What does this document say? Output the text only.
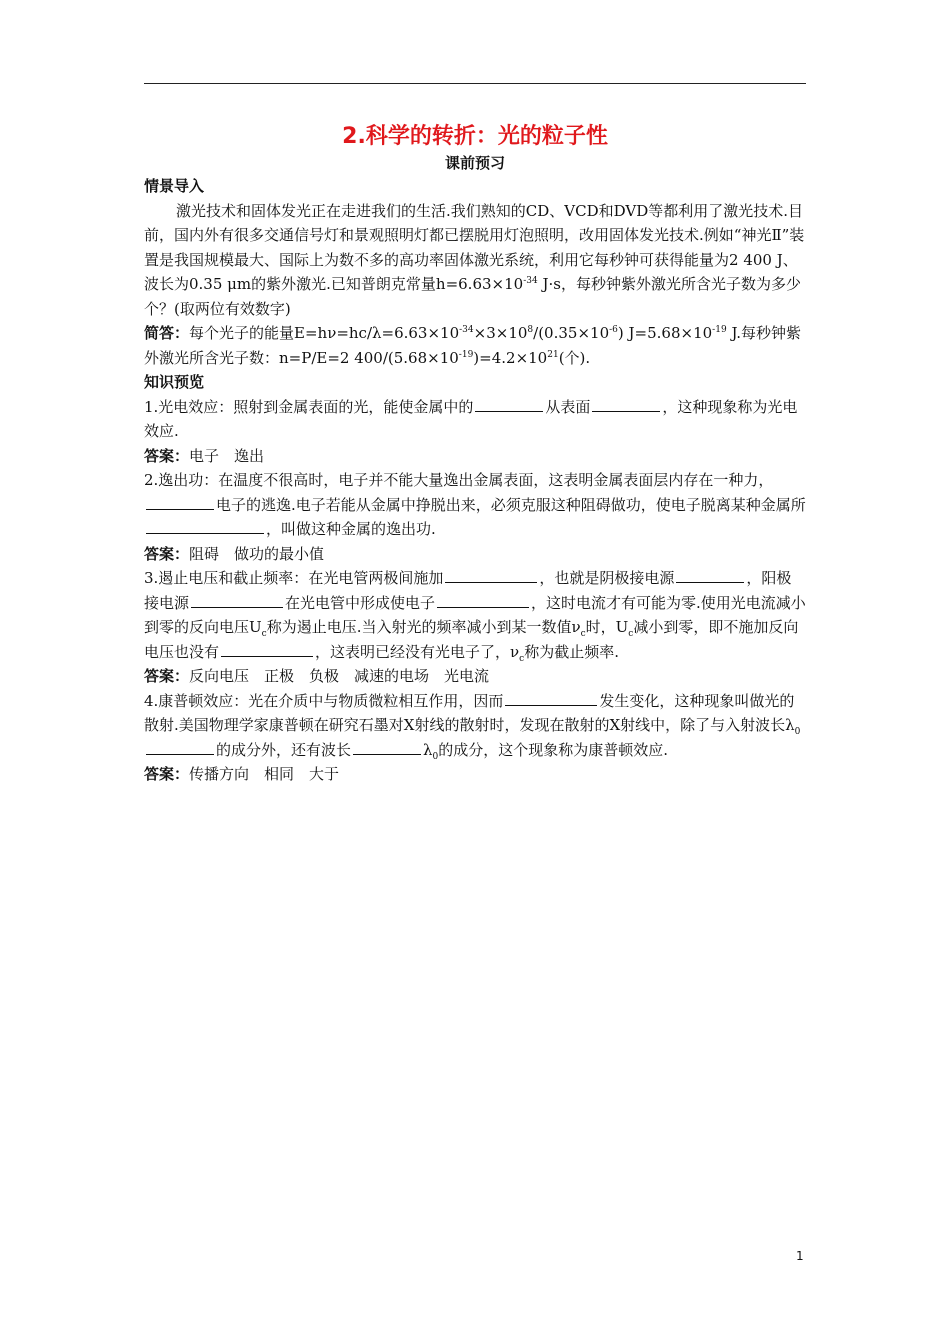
2.科学的转折：光的粒子性
课前预习

情景导入

激光技术和固体发光正在走进我们的生活.我们熟知的CD、VCD和DVD等都利用了激光技术.目前，国内外有很多交通信号灯和景观照明灯都已摆脱用灯泡照明，改用固体发光技术.例如“神光Ⅱ”装置是我国规模最大、国际上为数不多的高功率固体激光系统，利用它每秒钟可获得能量为2 400 J、波长为0.35 μm的紫外激光.已知普朗克常量$h=6.63\times 10^{-34}$ J·s，每秒钟紫外激光所含光子数为多少个？(取两位有效数字)

简答：每个光子的能量$E=h\nu=hc/\lambda=6.63\times 10^{-34}\times 3\times 10^8/(0.35\times 10^{-6})$ $J=5.68\times 10^{-19}$ J.每秒钟紫外激光所含光子数：n=P/E=2 $400/(5.68\times 10^{-19})=4.2\times 10^{21}$(个).

知识预览

1.光电效应：照射到金属表面的光，能使金属中的	从表面	，这种现象称为光电效应.

答案：电子　逸出

2.逸出功：在温度不很高时，电子并不能大量逸出金属表面，这表明金属表面层内存在一种力，电子的逃逸.电子若能从金属中挣脱出来，必须克服这种阻碍做功，使电子脱离某种金属所，叫做这种金属的逸出功.

答案：阻碍　做功的最小值

3.遏止电压和截止频率：在光电管两极间施加	，也就是阴极接电源	，阳极接电源	在光电管中形成使电子	，这时电流才有可能为零.使用光电流减小到零的反向电压$U_c$称为遏止电压.当入射光的频率减小到某一数值$\nu_c$时，$U_c$减小到零，即不施加反向电压也没有	，这表明已经没有光电子了，$\nu_c$称为截止频率.

答案：反向电压　正极　负极　减速的电场　光电流

4.康普顿效应：光在介质中与物质微粒相互作用，因而	发生变化，这种现象叫做光的散射.美国物理学家康普顿在研究石墨对X射线的散射时，发现在散射的X射线中，除了与入射波长$\lambda_0$的成分外，还有波长	$\lambda_0$的成分，这个现象称为康普顿效应.

答案：传播方向　相同　大于

1
